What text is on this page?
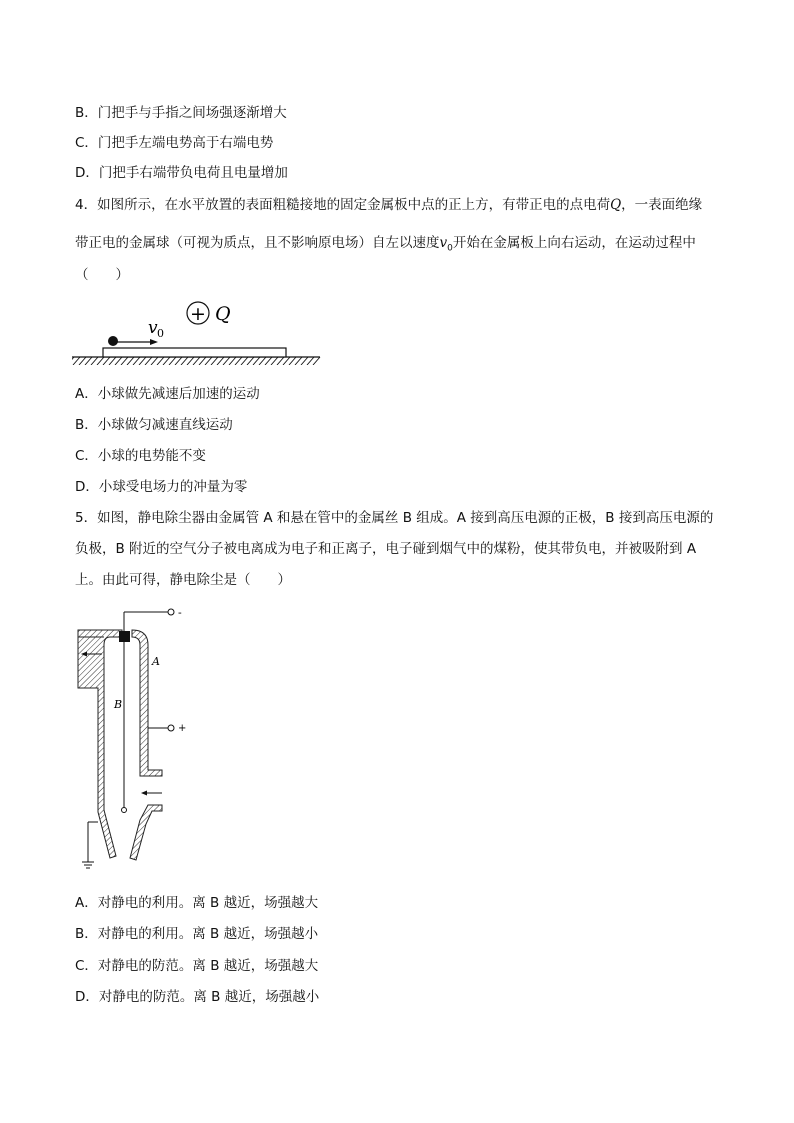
B．门把手与手指之间场强逐渐增大
C．门把手左端电势高于右端电势
D．门把手右端带负电荷且电量增加
4．如图所示，在水平放置的表面粗糙接地的固定金属板中点的正上方，有带正电的点电荷Q，一表面绝缘
带正电的金属球（可视为质点，且不影响原电场）自左以速度$v_0$开始在金属板上向右运动，在运动过程中
（　　）
v 0
+ Q
A．小球做先减速后加速的运动
B．小球做匀减速直线运动
C．小球的电势能不变
D．小球受电场力的冲量为零
5．如图，静电除尘器由金属管 A 和悬在管中的金属丝 B 组成。A 接到高压电源的正极，B 接到高压电源的
负极，B 附近的空气分子被电离成为电子和正离子，电子碰到烟气中的煤粉，使其带负电，并被吸附到 A
上。由此可得，静电除尘是（　　）
-
+
A
B
A．对静电的利用。离 B 越近，场强越大
B．对静电的利用。离 B 越近，场强越小
C．对静电的防范。离 B 越近，场强越大
D．对静电的防范。离 B 越近，场强越小
